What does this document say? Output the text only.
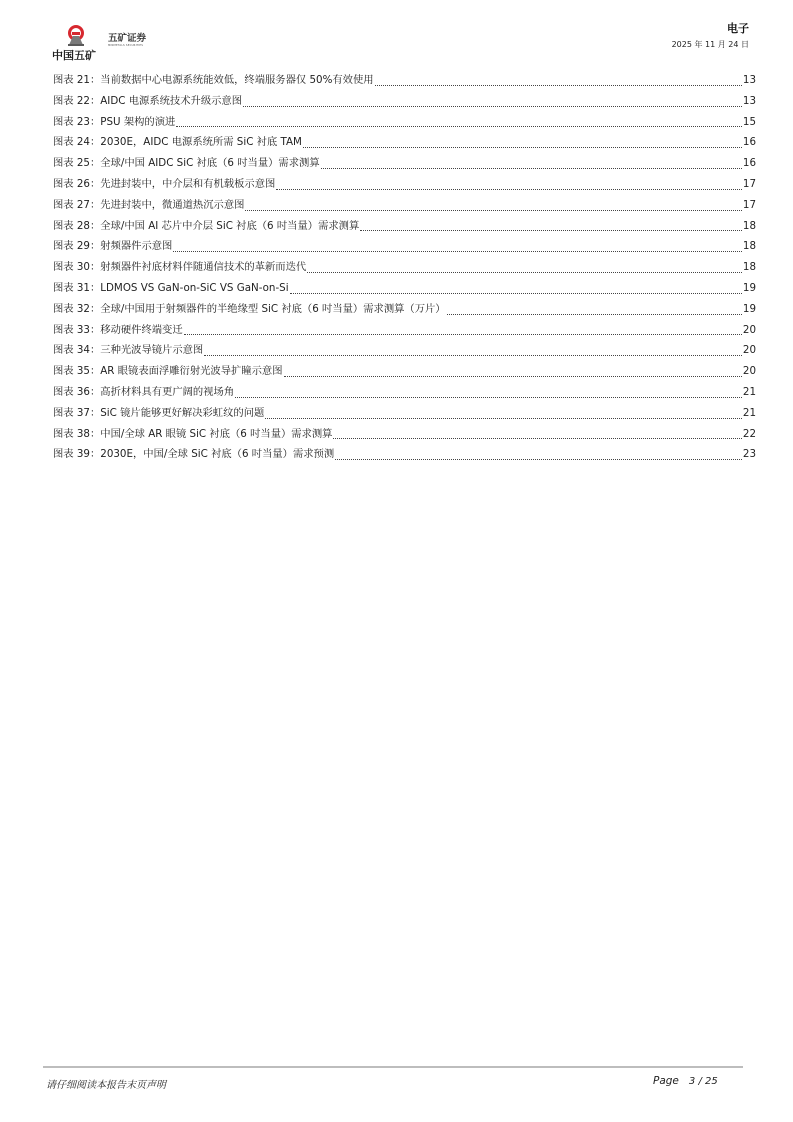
中国五矿
五矿证券
MINMETALS SECURITIES
电子
2025 年 11 月 24 日
图表 21：当前数据中心电源系统能效低，终端服务器仅 50%有效使用	13
图表 22：AIDC 电源系统技术升级示意图	13
图表 23：PSU 架构的演进	15
图表 24：2030E，AIDC 电源系统所需 SiC 衬底 TAM	16
图表 25：全球/中国 AIDC SiC 衬底（6 吋当量）需求测算	16
图表 26：先进封装中，中介层和有机载板示意图	17
图表 27：先进封装中，微通道热沉示意图	17
图表 28：全球/中国 AI 芯片中介层 SiC 衬底（6 吋当量）需求测算	18
图表 29：射频器件示意图	18
图表 30：射频器件衬底材料伴随通信技术的革新而迭代	18
图表 31：LDMOS VS GaN-on-SiC VS GaN-on-Si	19
图表 32：全球/中国用于射频器件的半绝缘型 SiC 衬底（6 吋当量）需求测算（万片）	19
图表 33：移动硬件终端变迁	20
图表 34：三种光波导镜片示意图	20
图表 35：AR 眼镜表面浮雕衍射光波导扩瞳示意图	20
图表 36：高折材料具有更广阔的视场角	21
图表 37：SiC 镜片能够更好解决彩虹纹的问题	21
图表 38：中国/全球 AR 眼镜 SiC 衬底（6 吋当量）需求测算	22
图表 39：2030E，中国/全球 SiC 衬底（6 吋当量）需求预测	23
请仔细阅读本报告末页声明	Page 3 / 25
